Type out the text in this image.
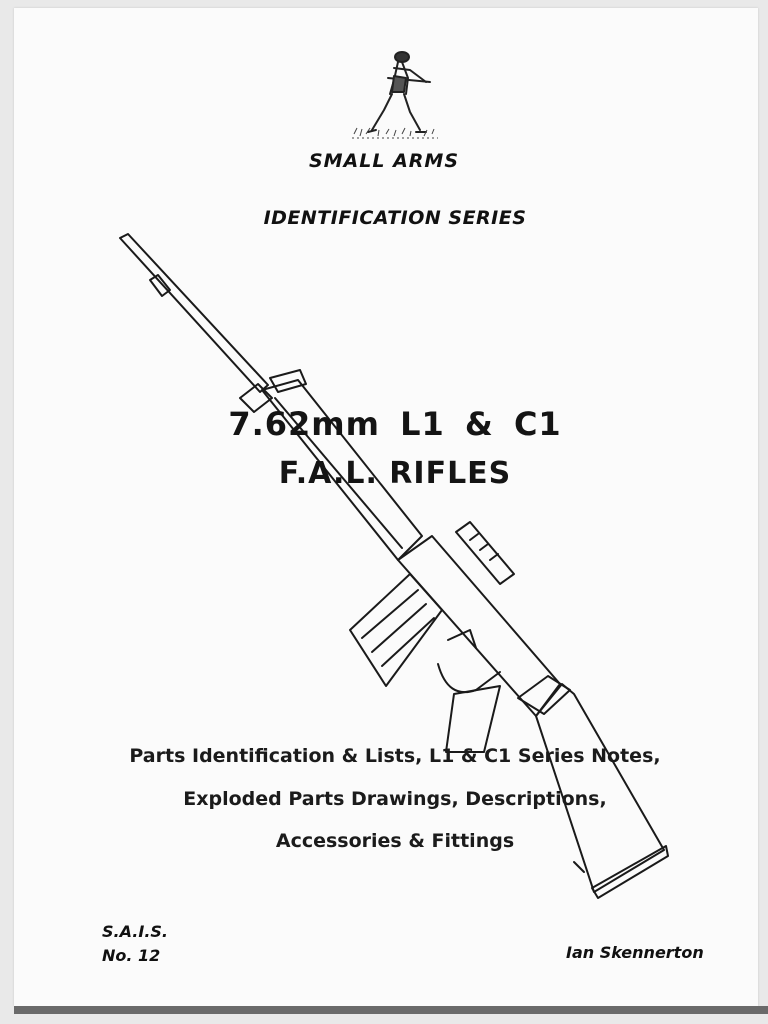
SMALL ARMS
IDENTIFICATION SERIES
7.62mm L1 & C1
F.A.L. RIFLES
Parts Identification & Lists, L1 & C1 Series Notes,
Exploded Parts Drawings, Descriptions,
Accessories & Fittings
S.A.I.S.
No. 12	Ian Skennerton
